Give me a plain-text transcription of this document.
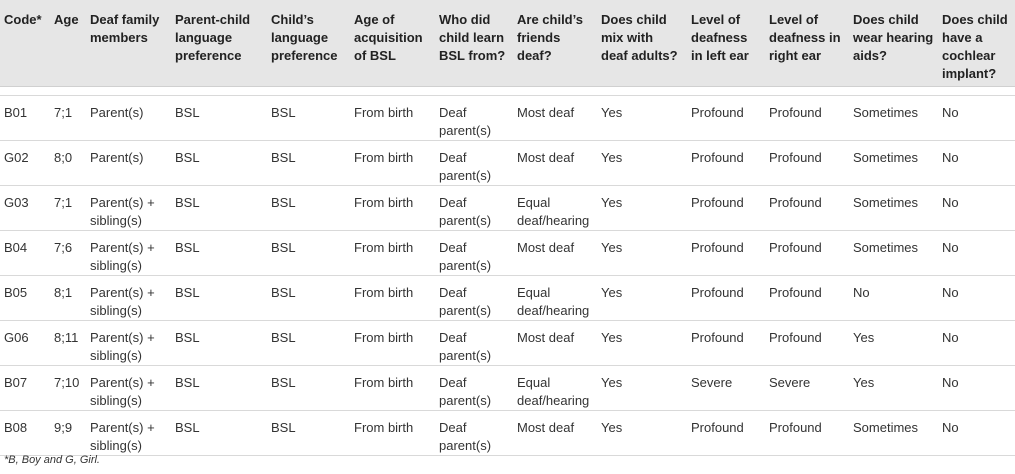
Code*	Age	Deaf family members	Parent-child language preference	Child’s language preference	Age of acquisition of BSL	Who did child learn BSL from?	Are child’s friends deaf?	Does child mix with deaf adults?	Level of deafness in left ear	Level of deafness in right ear	Does child wear hearing aids?	Does child have a cochlear implant?

B01	7;1	Parent(s)	BSL	BSL	From birth	Deaf parent(s)	Most deaf	Yes	Profound	Profound	Sometimes	No
G02	8;0	Parent(s)	BSL	BSL	From birth	Deaf parent(s)	Most deaf	Yes	Profound	Profound	Sometimes	No
G03	7;1	Parent(s) + sibling(s)	BSL	BSL	From birth	Deaf parent(s)	Equal deaf/hearing	Yes	Profound	Profound	Sometimes	No
B04	7;6	Parent(s) + sibling(s)	BSL	BSL	From birth	Deaf parent(s)	Most deaf	Yes	Profound	Profound	Sometimes	No
B05	8;1	Parent(s) + sibling(s)	BSL	BSL	From birth	Deaf parent(s)	Equal deaf/hearing	Yes	Profound	Profound	No	No
G06	8;11	Parent(s) + sibling(s)	BSL	BSL	From birth	Deaf parent(s)	Most deaf	Yes	Profound	Profound	Yes	No
B07	7;10	Parent(s) + sibling(s)	BSL	BSL	From birth	Deaf parent(s)	Equal deaf/hearing	Yes	Severe	Severe	Yes	No
B08	9;9	Parent(s) + sibling(s)	BSL	BSL	From birth	Deaf parent(s)	Most deaf	Yes	Profound	Profound	Sometimes	No
*B, Boy and G, Girl.
